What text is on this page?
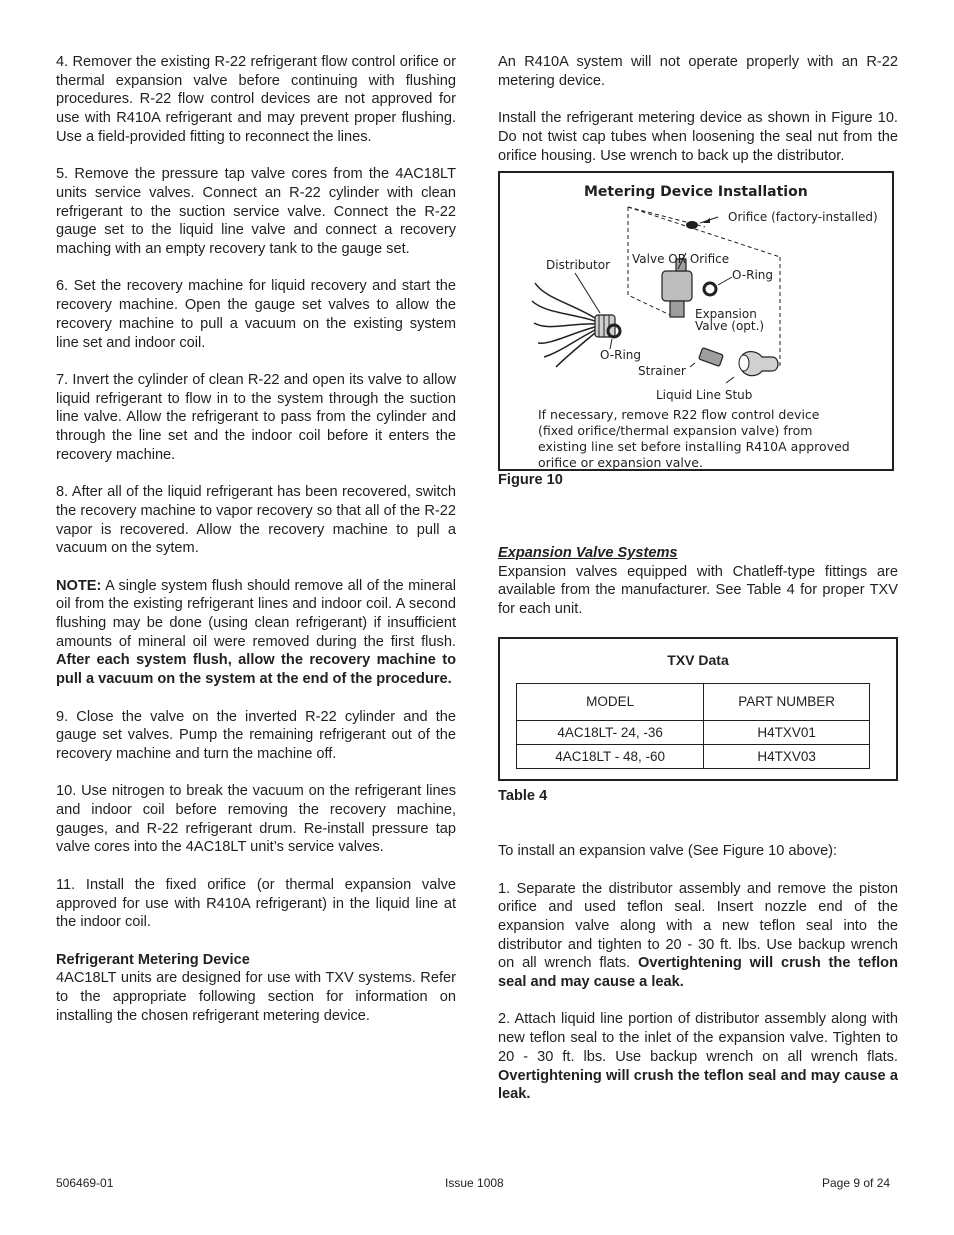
4. Remover the existing R-22 refrigerant flow control orifice or thermal expansion valve before continuing with flushing procedures. R-22 flow control devices are not approved for use with R410A refrigerant and may prevent proper flushing. Use a field-provided fitting to reconnect the lines.

5. Remove the pressure tap valve cores from the 4AC18LT units service valves. Connect an R-22 cylinder with clean refrigerant to the suction service valve. Connect the R-22 gauge set to the liquid line valve and connect a recovery maching with an empty recovery tank to the gauge set.

6. Set the recovery machine for liquid recovery and start the recovery machine. Open the gauge set valves to allow the recovery machine to pull a vacuum on the existing system line set and indoor coil.

7. Invert the cylinder of clean R-22 and open its valve to allow liquid refrigerant to flow in to the system through the suction line valve. Allow the refrigerant to pass from the cylinder and through the line set and the indoor coil before it enters the recovery machine.

8. After all of the liquid refrigerant has been recovered, switch the recovery machine to vapor recovery so that all of the R-22 vapor is recovered. Allow the recovery machine to pull a vacuum on the sytem.

NOTE: A single system flush should remove all of the mineral oil from the existing refrigerant lines and indoor coil. A second flushing may be done (using clean refrigerant) if insufficient amounts of mineral oil were removed during the first flush. After each system flush, allow the recovery machine to pull a vacuum on the system at the end of the procedure.

9. Close the valve on the inverted R-22 cylinder and the gauge set valves. Pump the remaining refrigerant out of the recovery machine and turn the machine off.

10. Use nitrogen to break the vacuum on the refrigerant lines and indoor coil before removing the recovery machine, gauges, and R-22 refrigerant drum. Re-install pressure tap valve cores into the 4AC18LT unit’s service valves.

11. Install the fixed orifice (or thermal expansion valve approved for use with R410A refrigerant) in the liquid line at the indoor coil.

Refrigerant Metering Device
4AC18LT units are designed for use with TXV systems. Refer to the appropriate following section for information on installing the chosen refrigerant metering device.

An R410A system will not operate properly with an R-22 metering device.

Install the refrigerant metering device as shown in Figure 10. Do not twist cap tubes when loosening the seal nut from the orifice housing. Use wrench to back up the distributor.

Metering Device Installation
Orifice (factory-installed)
Distributor Valve OR Orifice
O-Ring
Expansion
Valve (opt.)
O-Ring
Strainer
Liquid Line Stub
If necessary, remove R22 flow control device
(fixed orifice/thermal expansion valve) from
existing line set before installing R410A approved
orifice or expansion valve.

Figure 10

Expansion Valve Systems
Expansion valves equipped with Chatleff-type fittings are available from the manufacturer. See Table 4 for proper TXV for each unit.

TXV Data
MODEL	PART NUMBER
4AC18LT- 24, -36	H4TXV01
4AC18LT - 48, -60	H4TXV03

Table 4

To install an expansion valve (See Figure 10 above):

1. Separate the distributor assembly and remove the piston orifice and used teflon seal. Insert nozzle end of the expansion valve along with a new teflon seal into the distributor and tighten to 20 - 30 ft. lbs. Use backup wrench on all wrench flats. Overtightening will crush the teflon seal and may cause a leak.

2. Attach liquid line portion of distributor assembly along with new teflon seal to the inlet of the expansion valve. Tighten to 20 - 30 ft. lbs. Use backup wrench on all wrench flats. Overtightening will crush the teflon seal and may cause a leak.

506469-01	Issue 1008	Page 9 of 24
